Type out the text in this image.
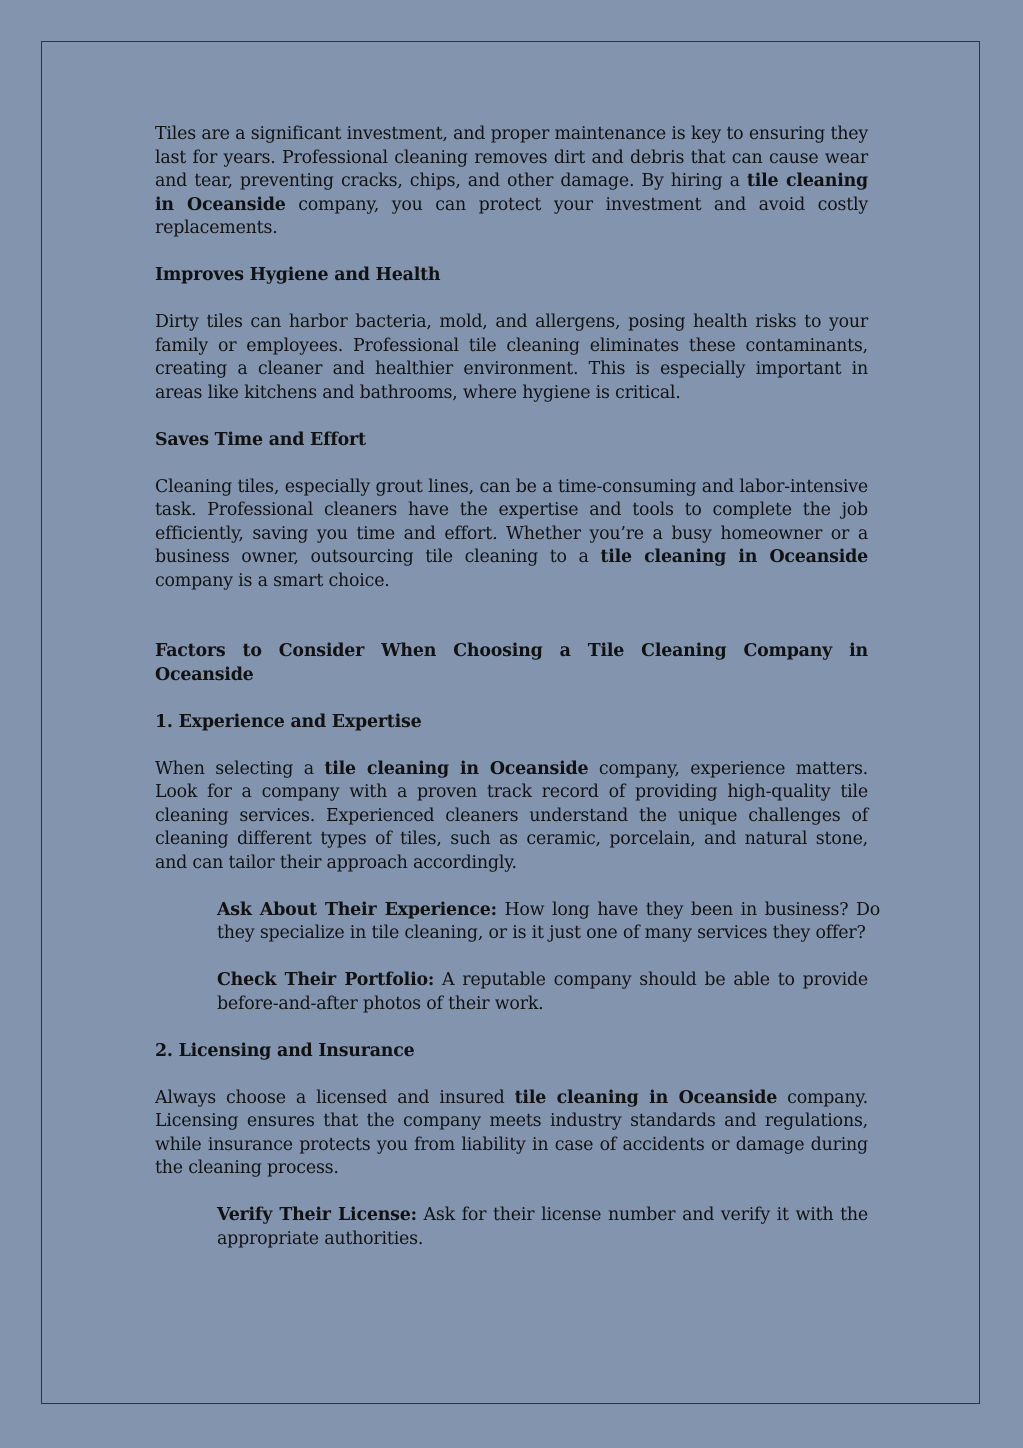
Tiles are a significant investment, and proper maintenance is key to ensuring they last for years. Professional cleaning removes dirt and debris that can cause wear and tear, preventing cracks, chips, and other damage. By hiring a tile cleaning in Oceanside company, you can protect your investment and avoid costly replacements.

Improves Hygiene and Health

Dirty tiles can harbor bacteria, mold, and allergens, posing health risks to your family or employees. Professional tile cleaning eliminates these contaminants, creating a cleaner and healthier environment. This is especially important in areas like kitchens and bathrooms, where hygiene is critical.

Saves Time and Effort

Cleaning tiles, especially grout lines, can be a time-consuming and labor-intensive task. Professional cleaners have the expertise and tools to complete the job efficiently, saving you time and effort. Whether you’re a busy homeowner or a business owner, outsourcing tile cleaning to a tile cleaning in Oceanside company is a smart choice.

Factors to Consider When Choosing a Tile Cleaning Company in Oceanside
1. Experience and Expertise

When selecting a tile cleaning in Oceanside company, experience matters. Look for a company with a proven track record of providing high-quality tile cleaning services. Experienced cleaners understand the unique challenges of cleaning different types of tiles, such as ceramic, porcelain, and natural stone, and can tailor their approach accordingly.

Ask About Their Experience: How long have they been in business? Do they specialize in tile cleaning, or is it just one of many services they offer?

Check Their Portfolio: A reputable company should be able to provide before-and-after photos of their work.

2. Licensing and Insurance

Always choose a licensed and insured tile cleaning in Oceanside company. Licensing ensures that the company meets industry standards and regulations, while insurance protects you from liability in case of accidents or damage during the cleaning process.

Verify Their License: Ask for their license number and verify it with the appropriate authorities.
